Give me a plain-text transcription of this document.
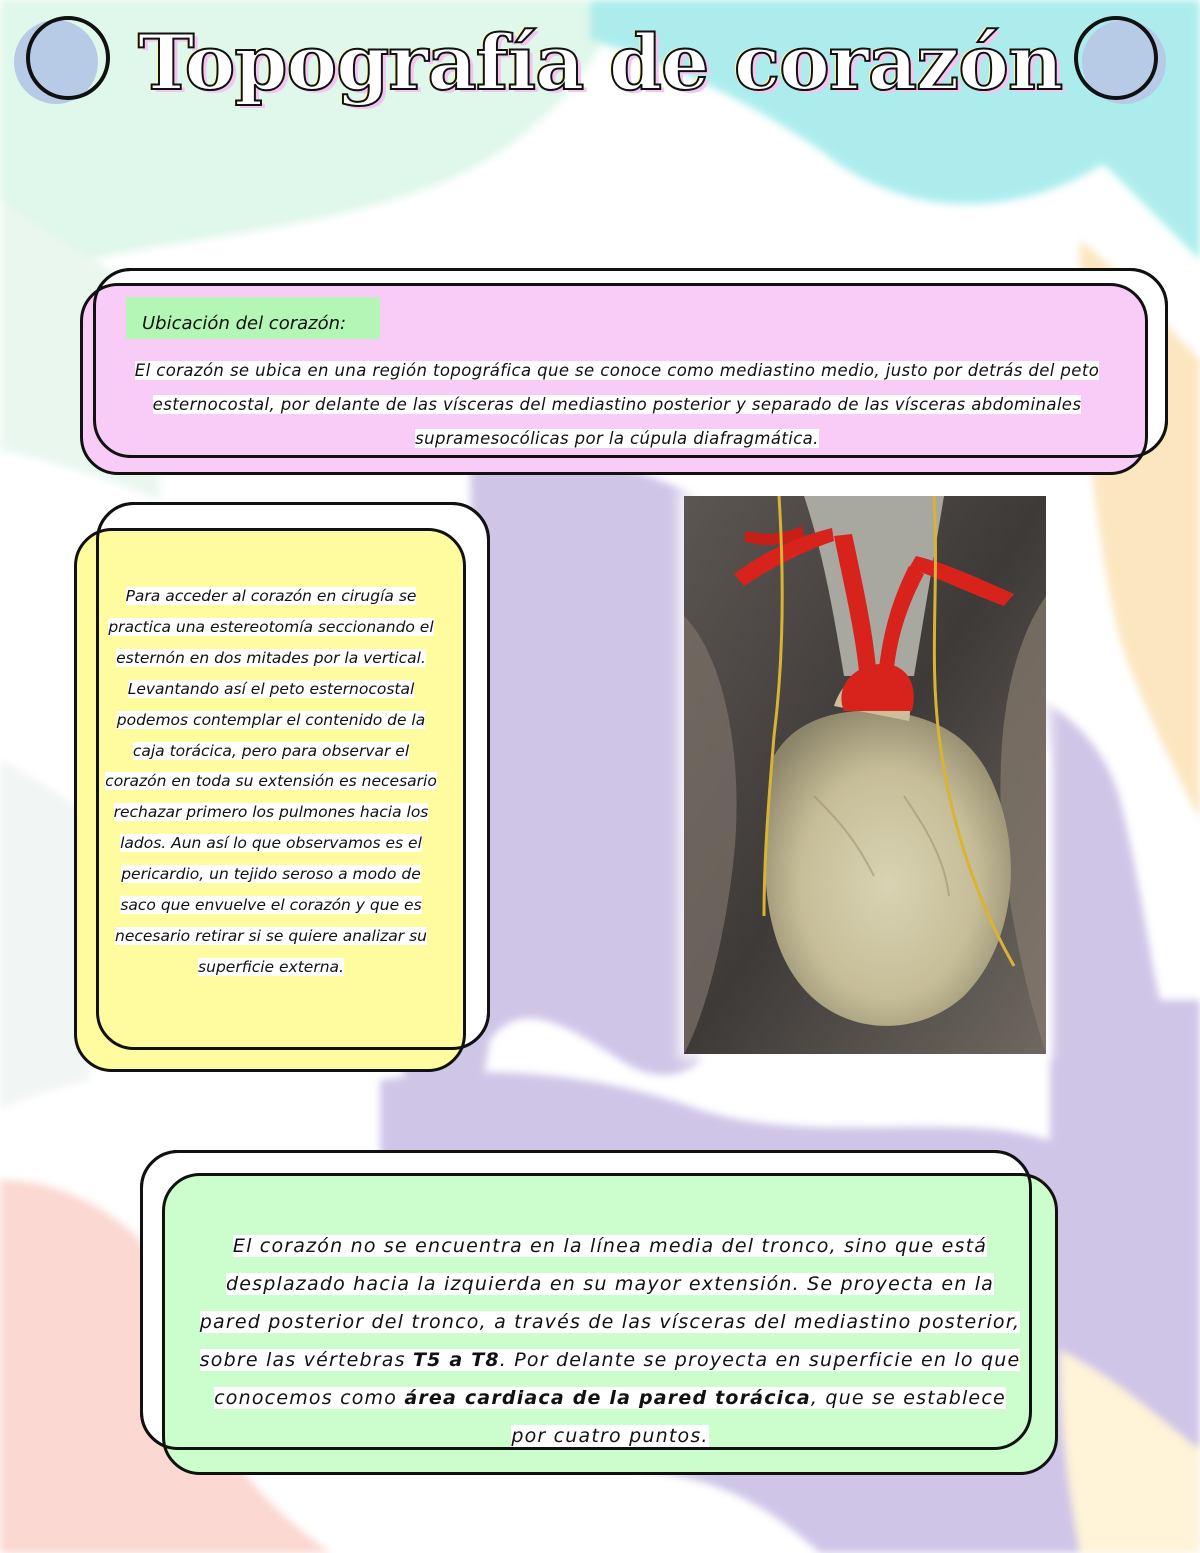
Topografía de corazón
Ubicación del corazón:
El corazón se ubica en una región topográfica que se conoce como mediastino medio, justo por detrás del peto esternocostal, por delante de las vísceras del mediastino posterior y separado de las vísceras abdominales supramesocólicas por la cúpula diafragmática.
Para acceder al corazón en cirugía se practica una estereotomía seccionando el esternón en dos mitades por la vertical. Levantando así el peto esternocostal podemos contemplar el contenido de la caja torácica, pero para observar el corazón en toda su extensión es necesario rechazar primero los pulmones hacia los lados. Aun así lo que observamos es el pericardio, un tejido seroso a modo de saco que envuelve el corazón y que es necesario retirar si se quiere analizar su superficie externa.
El corazón no se encuentra en la línea media del tronco, sino que está desplazado hacia la izquierda en su mayor extensión. Se proyecta en la pared posterior del tronco, a través de las vísceras del mediastino posterior, sobre las vértebras T5 a T8. Por delante se proyecta en superficie en lo que conocemos como área cardiaca de la pared torácica, que se establece por cuatro puntos.
